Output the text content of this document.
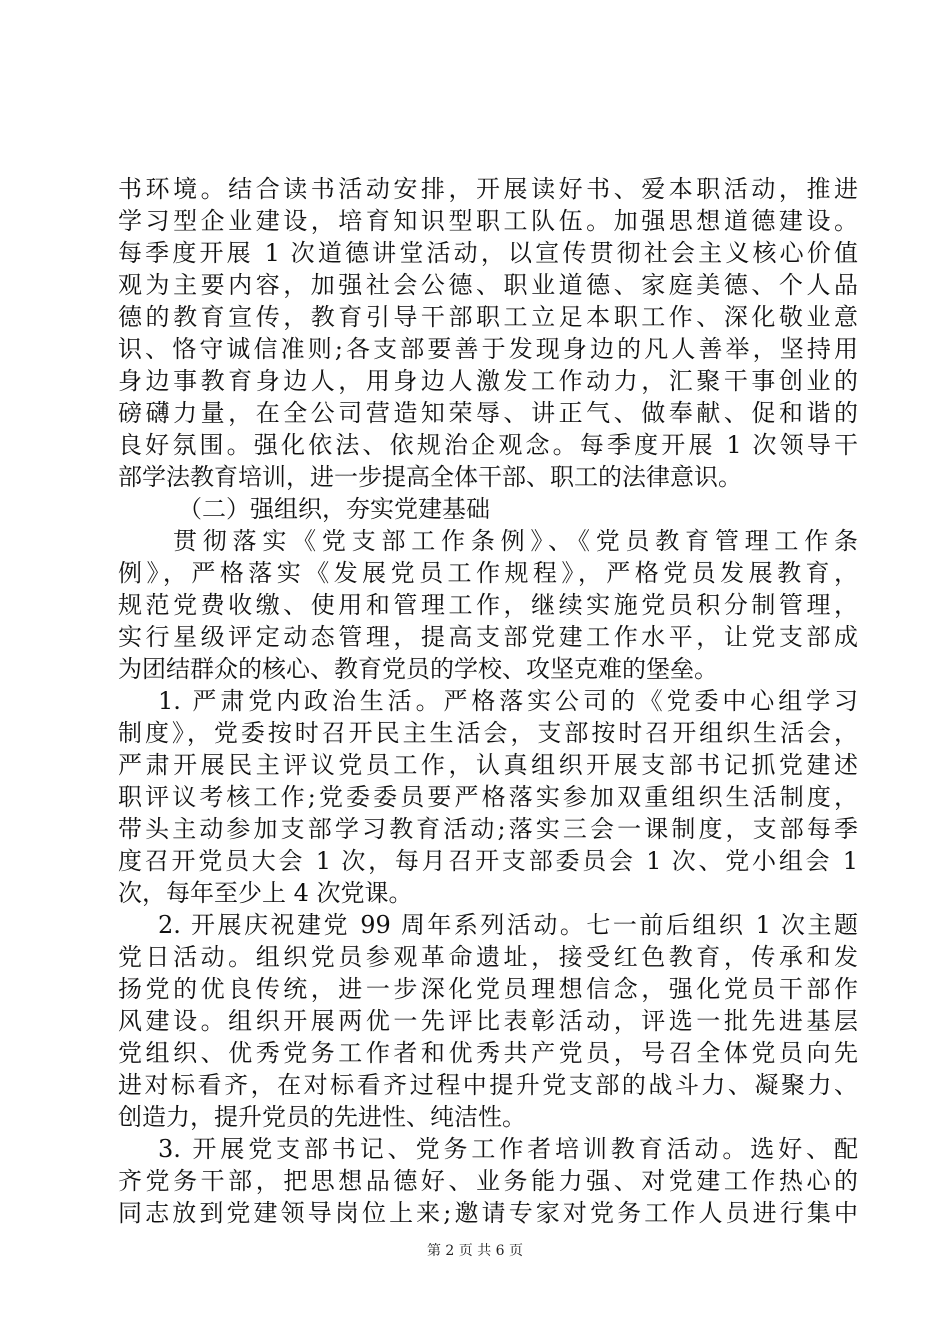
书环境。结合读书活动安排，开展读好书、爱本职活动，推进
学习型企业建设，培育知识型职工队伍。加强思想道德建设。
每季度开展 1 次道德讲堂活动，以宣传贯彻社会主义核心价值
观为主要内容，加强社会公德、职业道德、家庭美德、个人品
德的教育宣传，教育引导干部职工立足本职工作、深化敬业意
识、恪守诚信准则;各支部要善于发现身边的凡人善举，坚持用
身边事教育身边人，用身边人激发工作动力，汇聚干事创业的
磅礴力量，在全公司营造知荣辱、讲正气、做奉献、促和谐的
良好氛围。强化依法、依规治企观念。每季度开展 1 次领导干
部学法教育培训，进一步提高全体干部、职工的法律意识。
（二）强组织，夯实党建基础
贯彻落实《党支部工作条例》、《党员教育管理工作条
例》，严格落实《发展党员工作规程》，严格党员发展教育，
规范党费收缴、使用和管理工作，继续实施党员积分制管理，
实行星级评定动态管理，提高支部党建工作水平，让党支部成
为团结群众的核心、教育党员的学校、攻坚克难的堡垒。
1. 严肃党内政治生活。严格落实公司的《党委中心组学习
制度》，党委按时召开民主生活会，支部按时召开组织生活会，
严肃开展民主评议党员工作，认真组织开展支部书记抓党建述
职评议考核工作;党委委员要严格落实参加双重组织生活制度，
带头主动参加支部学习教育活动;落实三会一课制度，支部每季
度召开党员大会 1 次，每月召开支部委员会 1 次、党小组会 1
次，每年至少上 4 次党课。
2. 开展庆祝建党 99 周年系列活动。七一前后组织 1 次主题
党日活动。组织党员参观革命遗址，接受红色教育，传承和发
扬党的优良传统，进一步深化党员理想信念，强化党员干部作
风建设。组织开展两优一先评比表彰活动，评选一批先进基层
党组织、优秀党务工作者和优秀共产党员，号召全体党员向先
进对标看齐，在对标看齐过程中提升党支部的战斗力、凝聚力、
创造力，提升党员的先进性、纯洁性。
3. 开展党支部书记、党务工作者培训教育活动。选好、配
齐党务干部，把思想品德好、业务能力强、对党建工作热心的
同志放到党建领导岗位上来;邀请专家对党务工作人员进行集中
第 2 页 共 6 页
